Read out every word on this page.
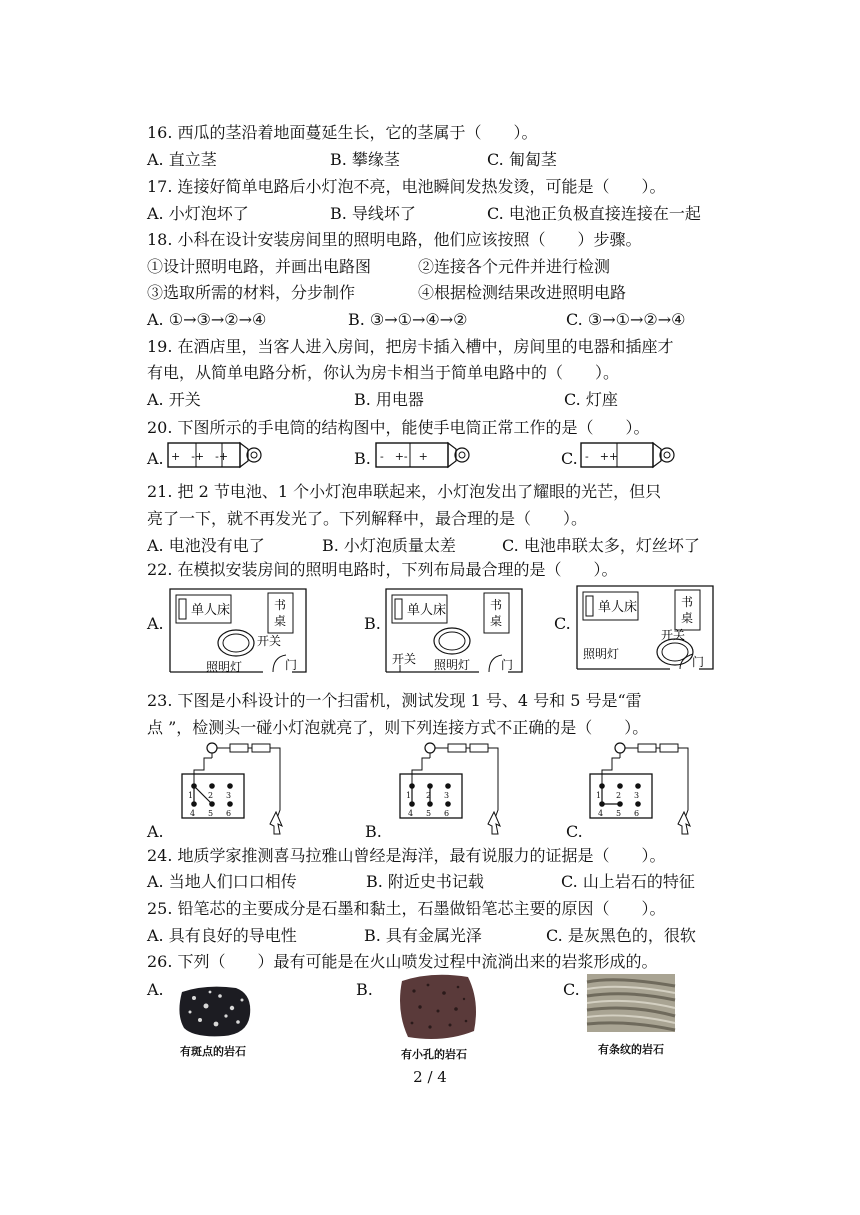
16. 西瓜的茎沿着地面蔓延生长，它的茎属于（　　）。
A. 直立茎	B. 攀缘茎	C. 匍匐茎
17. 连接好简单电路后小灯泡不亮，电池瞬间发热发烫，可能是（　　）。
A. 小灯泡坏了	B. 导线坏了	C. 电池正负极直接连接在一起
18. 小科在设计安装房间里的照明电路，他们应该按照（　　）步骤。
①设计照明电路，并画出电路图	②连接各个元件并进行检测
③选取所需的材料，分步制作	④根据检测结果改进照明电路
A. ①→③→②→④	B. ③→①→④→②	C. ③→①→②→④
19. 在酒店里，当客人进入房间，把房卡插入槽中，房间里的电器和插座才
有电，从简单电路分析，你认为房卡相当于简单电路中的（　　）。
A. 开关	B. 用电器	C. 灯座
20. 下图所示的手电筒的结构图中，能使手电筒正常工作的是（　　）。
A.	B.	C.
+　-+　-+	-　+-　+	-　++
21. 把 2 节电池、1 个小灯泡串联起来，小灯泡发出了耀眼的光芒，但只
亮了一下，就不再发光了。下列解释中，最合理的是（　　）。
A. 电池没有电了	B. 小灯泡质量太差	C. 电池串联太多，灯丝坏了
22. 在模拟安装房间的照明电路时，下列布局最合理的是（　　）。
A.	B.	C.
单人床	书
桌
开关
照明灯	门
单人床	书
桌
开关 照明灯	门
单人床	书
桌
开关
照明灯
门
23. 下图是小科设计的一个扫雷机，测试发现 1 号、4 号和 5 号是“雷
点 ”，检测头一碰小灯泡就亮了，则下列连接方式不正确的是（　　）。
A.	B.	C.
1 2 3
4 5 6
1 2 3
4 5 6
1 2 3
4 5 6
24. 地质学家推测喜马拉雅山曾经是海洋，最有说服力的证据是（　　）。
A. 当地人们口口相传	B. 附近史书记载	C. 山上岩石的特征
25. 铅笔芯的主要成分是石墨和黏土，石墨做铅笔芯主要的原因（　　）。
A. 具有良好的导电性	B. 具有金属光泽	C. 是灰黑色的，很软
26. 下列（　　）最有可能是在火山喷发过程中流淌出来的岩浆形成的。
A.	B.	C.
有斑点的岩石	有小孔的岩石	有条纹的岩石
2 / 4
